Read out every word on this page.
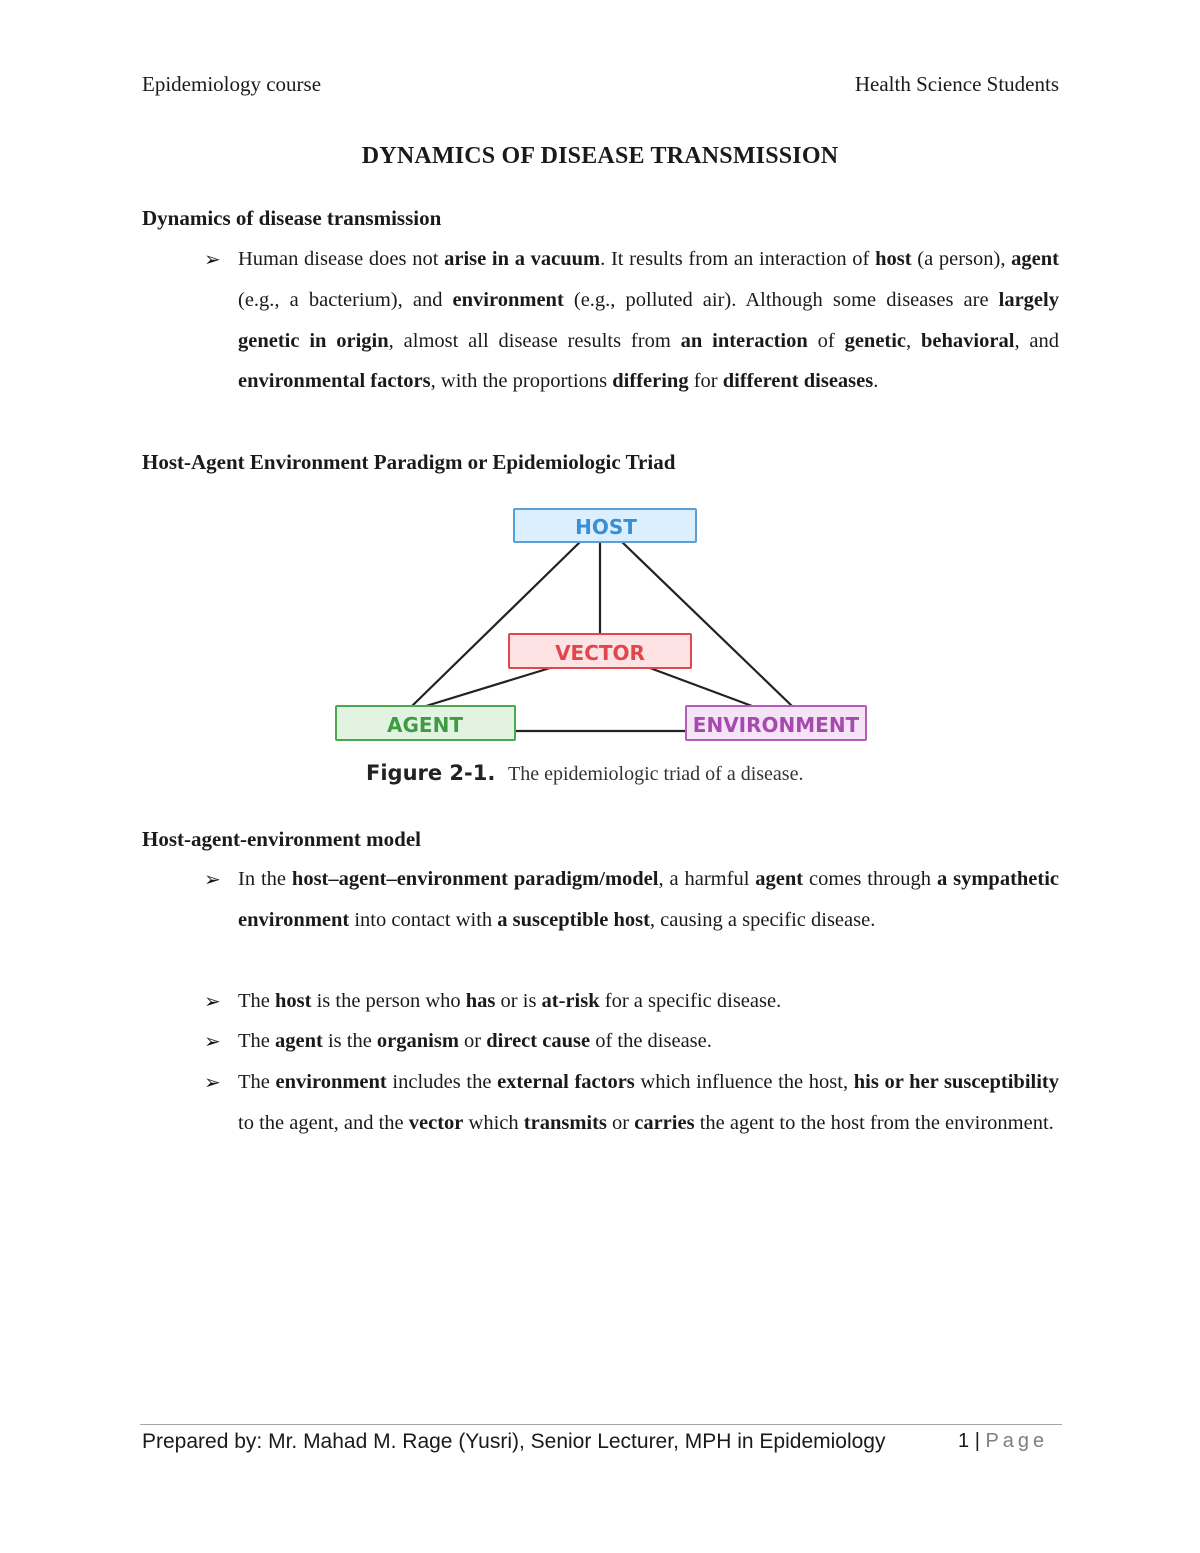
Epidemiology course	Health Science Students
DYNAMICS OF DISEASE TRANSMISSION
Dynamics of disease transmission
➢ Human disease does not arise in a vacuum. It results from an interaction of host (a person), agent (e.g., a bacterium), and environment (e.g., polluted air). Although some diseases are largely genetic in origin, almost all disease results from an interaction of genetic, behavioral, and environmental factors, with the proportions differing for different diseases.
Host-Agent Environment Paradigm or Epidemiologic Triad
HOST
VECTOR
AGENT	ENVIRONMENT
Figure 2-1. The epidemiologic triad of a disease.
Host-agent-environment model
➢ In the host–agent–environment paradigm/model, a harmful agent comes through a sympathetic environment into contact with a susceptible host, causing a specific disease.
➢ The host is the person who has or is at-risk for a specific disease.
➢ The agent is the organism or direct cause of the disease.
➢ The environment includes the external factors which influence the host, his or her susceptibility to the agent, and the vector which transmits or carries the agent to the host from the environment.
Prepared by: Mr. Mahad M. Rage (Yusri), Senior Lecturer, MPH in Epidemiology	1 | Page
